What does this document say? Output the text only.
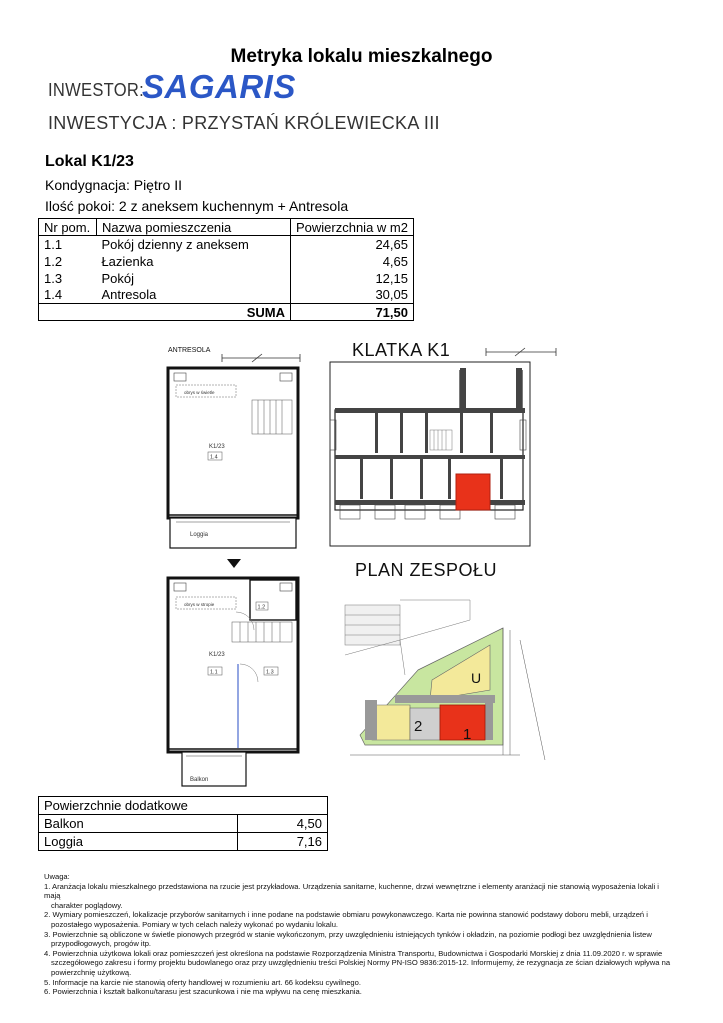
Metryka lokalu mieszkalnego
INWESTOR:
SAGARIS
INWESTYCJA : PRZYSTAŃ KRÓLEWIECKA III
Lokal K1/23
Kondygnacja: Piętro II
Ilość pokoi: 2 z aneksem kuchennym + Antresola
Nr pom.	Nazwa pomieszczenia	Powierzchnia w m2
1.1	Pokój dzienny z aneksem	24,65
1.2	Łazienka	4,65
1.3	Pokój	12,15
1.4	Antresola	30,05
	SUMA	71,50
ANTRESOLA
obrys w świetle
K1/23
1.4
Loggia
obrys w stropie	1.2
K1/23
1.1	1.3
Balkon
KLATKA K1
PLAN ZESPOŁU
U
2	1
Powierzchnie dodatkowe	
Balkon	4,50
Loggia	7,16

Uwaga:

1. Aranżacja lokalu mieszkalnego przedstawiona na rzucie jest przykładowa. Urządzenia sanitarne, kuchenne, drzwi wewnętrzne i elementy aranżacji nie stanowią wyposażenia lokali i mają

charakter poglądowy.

2. Wymiary pomieszczeń, lokalizacje przyborów sanitarnych i inne podane na podstawie obmiaru powykonawczego. Karta nie powinna stanowić podstawy doboru mebli, urządzeń i

pozostałego wyposażenia. Pomiary w tych celach należy wykonać po wydaniu lokalu.

3. Powierzchnie są obliczone w świetle pionowych przegród w stanie wykończonym, przy uwzględnieniu istniejących tynków i okładzin, na poziomie podłogi bez uwzględnienia listew

przypodłogowych, progów itp.

4. Powierzchnia użytkowa lokali oraz pomieszczeń jest określona na podstawie Rozporządzenia Ministra Transportu, Budownictwa i Gospodarki Morskiej z dnia 11.09.2020 r. w sprawie

szczegółowego zakresu i formy projektu budowlanego oraz przy uwzględnieniu treści Polskiej Normy PN-ISO 9836:2015-12. Informujemy, że rezygnacja ze ścian działowych wpływa na

powierzchnię użytkową.

5. Informacje na karcie nie stanowią oferty handlowej w rozumieniu art. 66 kodeksu cywilnego.

6. Powierzchnia i kształt balkonu/tarasu jest szacunkowa i nie ma wpływu na cenę mieszkania.
